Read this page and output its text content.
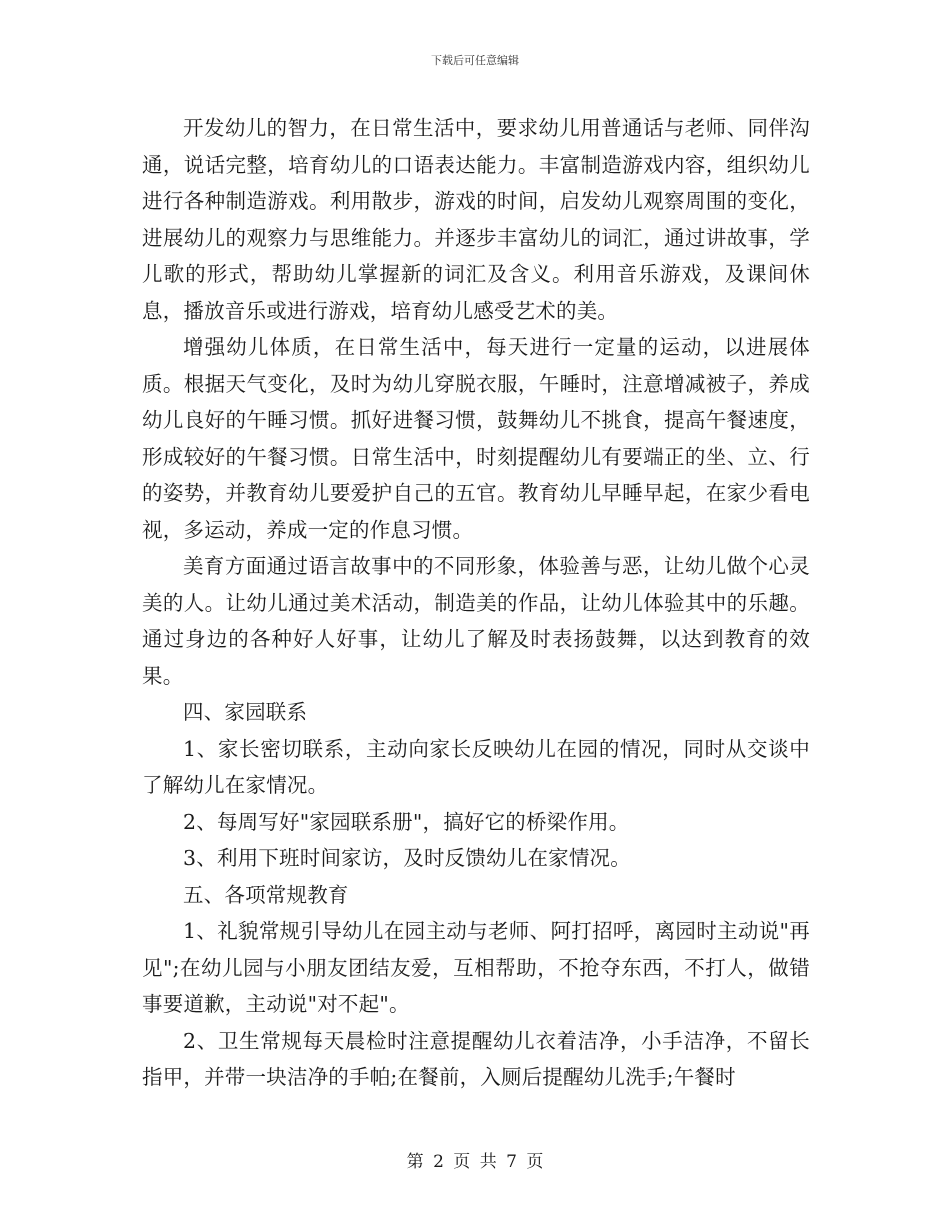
下载后可任意编辑

开发幼儿的智力，在日常生活中，要求幼儿用普通话与老师、同伴沟通，说话完整，培育幼儿的口语表达能力。丰富制造游戏内容，组织幼儿进行各种制造游戏。利用散步，游戏的时间，启发幼儿观察周围的变化，进展幼儿的观察力与思维能力。并逐步丰富幼儿的词汇，通过讲故事，学儿歌的形式，帮助幼儿掌握新的词汇及含义。利用音乐游戏，及课间休息，播放音乐或进行游戏，培育幼儿感受艺术的美。

增强幼儿体质，在日常生活中，每天进行一定量的运动，以进展体质。根据天气变化，及时为幼儿穿脱衣服，午睡时，注意增减被子，养成幼儿良好的午睡习惯。抓好进餐习惯，鼓舞幼儿不挑食，提高午餐速度，形成较好的午餐习惯。日常生活中，时刻提醒幼儿有要端正的坐、立、行的姿势，并教育幼儿要爱护自己的五官。教育幼儿早睡早起，在家少看电视，多运动，养成一定的作息习惯。

美育方面通过语言故事中的不同形象，体验善与恶，让幼儿做个心灵美的人。让幼儿通过美术活动，制造美的作品，让幼儿体验其中的乐趣。通过身边的各种好人好事，让幼儿了解及时表扬鼓舞，以达到教育的效果。

四、家园联系

1、家长密切联系，主动向家长反映幼儿在园的情况，同时从交谈中了解幼儿在家情况。

2、每周写好"家园联系册"，搞好它的桥梁作用。

3、利用下班时间家访，及时反馈幼儿在家情况。

五、各项常规教育

1、礼貌常规引导幼儿在园主动与老师、阿打招呼，离园时主动说"再见";在幼儿园与小朋友团结友爱，互相帮助，不抢夺东西，不打人，做错事要道歉，主动说"对不起"。

2、卫生常规每天晨检时注意提醒幼儿衣着洁净，小手洁净，不留长指甲，并带一块洁净的手帕;在餐前，入厕后提醒幼儿洗手;午餐时

第 2 页 共 7 页
